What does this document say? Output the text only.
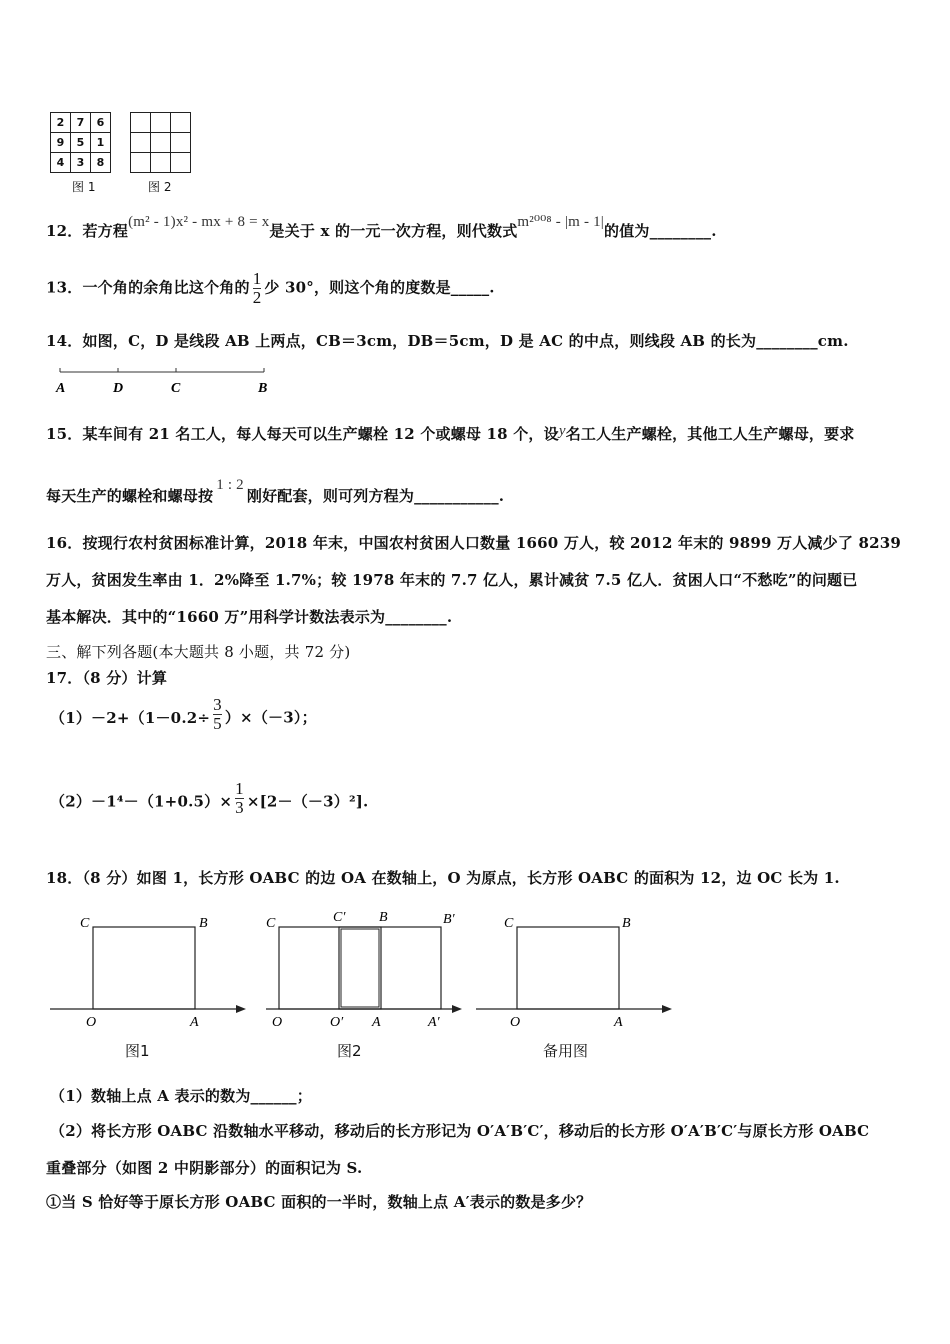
2	7	6
9	5	1
4	3	8

图 1	图 2
12．若方程(m² - 1)x² - mx + 8 = x是关于 x 的一元一次方程，则代数式m²⁰⁰⁸ - |m - 1|的值为________.
13．一个角的余角比这个角的 $\frac{1}{2}$ 少 30°，则这个角的度数是_____.
14．如图，C，D 是线段 AB 上两点，CB＝3cm，DB＝5cm，D 是 AC 的中点，则线段 AB 的长为________cm.
A	D	C	B
15．某车间有 21 名工人，每人每天可以生产螺栓 12 个或螺母 18 个，设y名工人生产螺栓，其他工人生产螺母，要求
每天生产的螺栓和螺母按1 : 2刚好配套，则可列方程为___________.
16．按现行农村贫困标准计算，2018 年末，中国农村贫困人口数量 1660 万人，较 2012 年末的 9899 万人减少了 8239
万人，贫困发生率由 1．2%降至 1.7%；较 1978 年末的 7.7 亿人，累计减贫 7.5 亿人．贫困人口“不愁吃”的问题已
基本解决．其中的“1660 万”用科学计数法表示为________.
三、解下列各题(本大题共 8 小题，共 72 分)
17．（8 分）计算
$(1)-2+(1-0.2\div \frac{3}{5} )\times(-3)$；
$(2)-1^4-(1+0.5)\times \frac{1}{3} \times[2-(-3)^2]$.
18．（8 分）如图 1，长方形 OABC 的边 OA 在数轴上，O 为原点，长方形 OABC 的面积为 12，边 OC 长为 1.
C	B
O	A
图1
C	C′ B	B′
O	O′ A	A′
图2
C	B
O	A
备用图
（1）数轴上点 A 表示的数为______；
（2）将长方形 OABC 沿数轴水平移动，移动后的长方形记为 O′A′B′C′，移动后的长方形 O′A′B′C′与原长方形 OABC
重叠部分（如图 2 中阴影部分）的面积记为 S.
①当 S 恰好等于原长方形 OABC 面积的一半时，数轴上点 A′表示的数是多少？
